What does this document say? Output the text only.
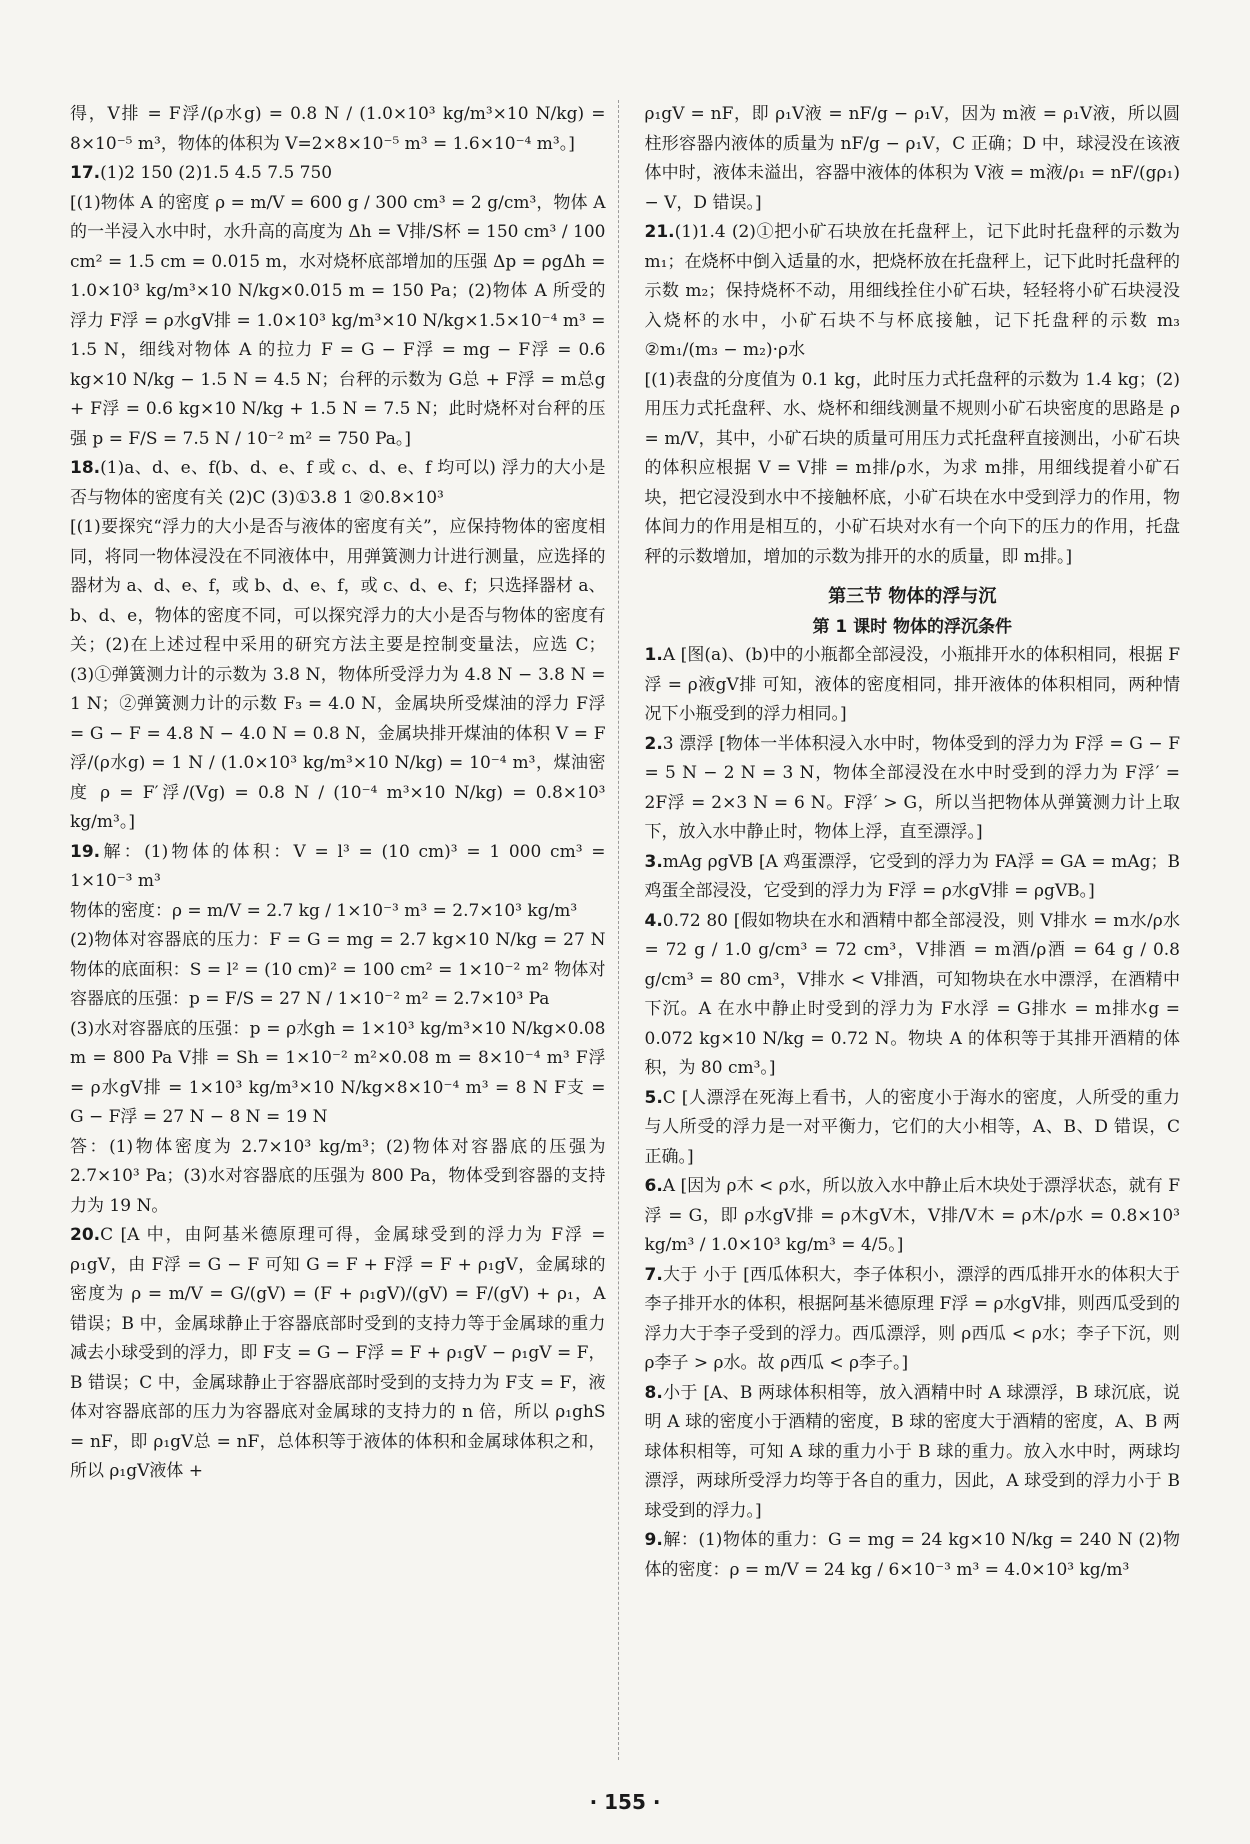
得，V排 = F浮/(ρ水g) = 0.8 N / (1.0×10³ kg/m³×10 N/kg) = 8×10⁻⁵ m³，物体的体积为 V=2×8×10⁻⁵ m³ = 1.6×10⁻⁴ m³。]

17.(1)2 150 (2)1.5 4.5 7.5 750

[(1)物体 A 的密度 ρ = m/V = 600 g / 300 cm³ = 2 g/cm³，物体 A 的一半浸入水中时，水升高的高度为 Δh = V排/S杯 = 150 cm³ / 100 cm² = 1.5 cm = 0.015 m，水对烧杯底部增加的压强 Δp = ρgΔh = 1.0×10³ kg/m³×10 N/kg×0.015 m = 150 Pa；(2)物体 A 所受的浮力 F浮 = ρ水gV排 = 1.0×10³ kg/m³×10 N/kg×1.5×10⁻⁴ m³ = 1.5 N，细线对物体 A 的拉力 F = G − F浮 = mg − F浮 = 0.6 kg×10 N/kg − 1.5 N = 4.5 N；台秤的示数为 G总 + F浮 = m总g + F浮 = 0.6 kg×10 N/kg + 1.5 N = 7.5 N；此时烧杯对台秤的压强 p = F/S = 7.5 N / 10⁻² m² = 750 Pa。]

18.(1)a、d、e、f(b、d、e、f 或 c、d、e、f 均可以) 浮力的大小是否与物体的密度有关 (2)C (3)①3.8 1 ②0.8×10³

[(1)要探究“浮力的大小是否与液体的密度有关”，应保持物体的密度相同，将同一物体浸没在不同液体中，用弹簧测力计进行测量，应选择的器材为 a、d、e、f，或 b、d、e、f，或 c、d、e、f；只选择器材 a、b、d、e，物体的密度不同，可以探究浮力的大小是否与物体的密度有关；(2)在上述过程中采用的研究方法主要是控制变量法，应选 C；(3)①弹簧测力计的示数为 3.8 N，物体所受浮力为 4.8 N − 3.8 N = 1 N；②弹簧测力计的示数 F₃ = 4.0 N，金属块所受煤油的浮力 F浮 = G − F = 4.8 N − 4.0 N = 0.8 N，金属块排开煤油的体积 V = F浮/(ρ水g) = 1 N / (1.0×10³ kg/m³×10 N/kg) = 10⁻⁴ m³，煤油密度 ρ = F′浮/(Vg) = 0.8 N / (10⁻⁴ m³×10 N/kg) = 0.8×10³ kg/m³。]

19.解：(1)物体的体积：V = l³ = (10 cm)³ = 1 000 cm³ = 1×10⁻³ m³

物体的密度：ρ = m/V = 2.7 kg / 1×10⁻³ m³ = 2.7×10³ kg/m³

(2)物体对容器底的压力：F = G = mg = 2.7 kg×10 N/kg = 27 N 物体的底面积：S = l² = (10 cm)² = 100 cm² = 1×10⁻² m² 物体对容器底的压强：p = F/S = 27 N / 1×10⁻² m² = 2.7×10³ Pa

(3)水对容器底的压强：p = ρ水gh = 1×10³ kg/m³×10 N/kg×0.08 m = 800 Pa V排 = Sh = 1×10⁻² m²×0.08 m = 8×10⁻⁴ m³ F浮 = ρ水gV排 = 1×10³ kg/m³×10 N/kg×8×10⁻⁴ m³ = 8 N F支 = G − F浮 = 27 N − 8 N = 19 N

答：(1)物体密度为 2.7×10³ kg/m³；(2)物体对容器底的压强为 2.7×10³ Pa；(3)水对容器底的压强为 800 Pa，物体受到容器的支持力为 19 N。

20.C [A 中，由阿基米德原理可得，金属球受到的浮力为 F浮 = ρ₁gV，由 F浮 = G − F 可知 G = F + F浮 = F + ρ₁gV，金属球的密度为 ρ = m/V = G/(gV) = (F + ρ₁gV)/(gV) = F/(gV) + ρ₁，A 错误；B 中，金属球静止于容器底部时受到的支持力等于金属球的重力减去小球受到的浮力，即 F支 = G − F浮 = F + ρ₁gV − ρ₁gV = F，B 错误；C 中，金属球静止于容器底部时受到的支持力为 F支 = F，液体对容器底部的压力为容器底对金属球的支持力的 n 倍，所以 ρ₁ghS = nF，即 ρ₁gV总 = nF，总体积等于液体的体积和金属球体积之和，所以 ρ₁gV液体 +

ρ₁gV = nF，即 ρ₁V液 = nF/g − ρ₁V，因为 m液 = ρ₁V液，所以圆柱形容器内液体的质量为 nF/g − ρ₁V，C 正确；D 中，球浸没在该液体中时，液体未溢出，容器中液体的体积为 V液 = m液/ρ₁ = nF/(gρ₁) − V，D 错误。]

21.(1)1.4 (2)①把小矿石块放在托盘秤上，记下此时托盘秤的示数为 m₁；在烧杯中倒入适量的水，把烧杯放在托盘秤上，记下此时托盘秤的示数 m₂；保持烧杯不动，用细线拴住小矿石块，轻轻将小矿石块浸没入烧杯的水中，小矿石块不与杯底接触，记下托盘秤的示数 m₃ ②m₁/(m₃ − m₂)·ρ水

[(1)表盘的分度值为 0.1 kg，此时压力式托盘秤的示数为 1.4 kg；(2)用压力式托盘秤、水、烧杯和细线测量不规则小矿石块密度的思路是 ρ = m/V，其中，小矿石块的质量可用压力式托盘秤直接测出，小矿石块的体积应根据 V = V排 = m排/ρ水，为求 m排，用细线提着小矿石块，把它浸没到水中不接触杯底，小矿石块在水中受到浮力的作用，物体间力的作用是相互的，小矿石块对水有一个向下的压力的作用，托盘秤的示数增加，增加的示数为排开的水的质量，即 m排。]

第三节 物体的浮与沉
第 1 课时 物体的浮沉条件

1.A [图(a)、(b)中的小瓶都全部浸没，小瓶排开水的体积相同，根据 F浮 = ρ液gV排 可知，液体的密度相同，排开液体的体积相同，两种情况下小瓶受到的浮力相同。]

2.3 漂浮 [物体一半体积浸入水中时，物体受到的浮力为 F浮 = G − F = 5 N − 2 N = 3 N，物体全部浸没在水中时受到的浮力为 F浮′ = 2F浮 = 2×3 N = 6 N。F浮′ > G，所以当把物体从弹簧测力计上取下，放入水中静止时，物体上浮，直至漂浮。]

3.mAg ρgVB [A 鸡蛋漂浮，它受到的浮力为 FA浮 = GA = mAg；B 鸡蛋全部浸没，它受到的浮力为 F浮 = ρ水gV排 = ρgVB。]

4.0.72 80 [假如物块在水和酒精中都全部浸没，则 V排水 = m水/ρ水 = 72 g / 1.0 g/cm³ = 72 cm³，V排酒 = m酒/ρ酒 = 64 g / 0.8 g/cm³ = 80 cm³，V排水 < V排酒，可知物块在水中漂浮，在酒精中下沉。A 在水中静止时受到的浮力为 F水浮 = G排水 = m排水g = 0.072 kg×10 N/kg = 0.72 N。物块 A 的体积等于其排开酒精的体积，为 80 cm³。]

5.C [人漂浮在死海上看书，人的密度小于海水的密度，人所受的重力与人所受的浮力是一对平衡力，它们的大小相等，A、B、D 错误，C 正确。]

6.A [因为 ρ木 < ρ水，所以放入水中静止后木块处于漂浮状态，就有 F浮 = G，即 ρ水gV排 = ρ木gV木，V排/V木 = ρ木/ρ水 = 0.8×10³ kg/m³ / 1.0×10³ kg/m³ = 4/5。]

7.大于 小于 [西瓜体积大，李子体积小，漂浮的西瓜排开水的体积大于李子排开水的体积，根据阿基米德原理 F浮 = ρ水gV排，则西瓜受到的浮力大于李子受到的浮力。西瓜漂浮，则 ρ西瓜 < ρ水；李子下沉，则 ρ李子 > ρ水。故 ρ西瓜 < ρ李子。]

8.小于 [A、B 两球体积相等，放入酒精中时 A 球漂浮，B 球沉底，说明 A 球的密度小于酒精的密度，B 球的密度大于酒精的密度，A、B 两球体积相等，可知 A 球的重力小于 B 球的重力。放入水中时，两球均漂浮，两球所受浮力均等于各自的重力，因此，A 球受到的浮力小于 B 球受到的浮力。]

9.解：(1)物体的重力：G = mg = 24 kg×10 N/kg = 240 N (2)物体的密度：ρ = m/V = 24 kg / 6×10⁻³ m³ = 4.0×10³ kg/m³

· 155 ·
